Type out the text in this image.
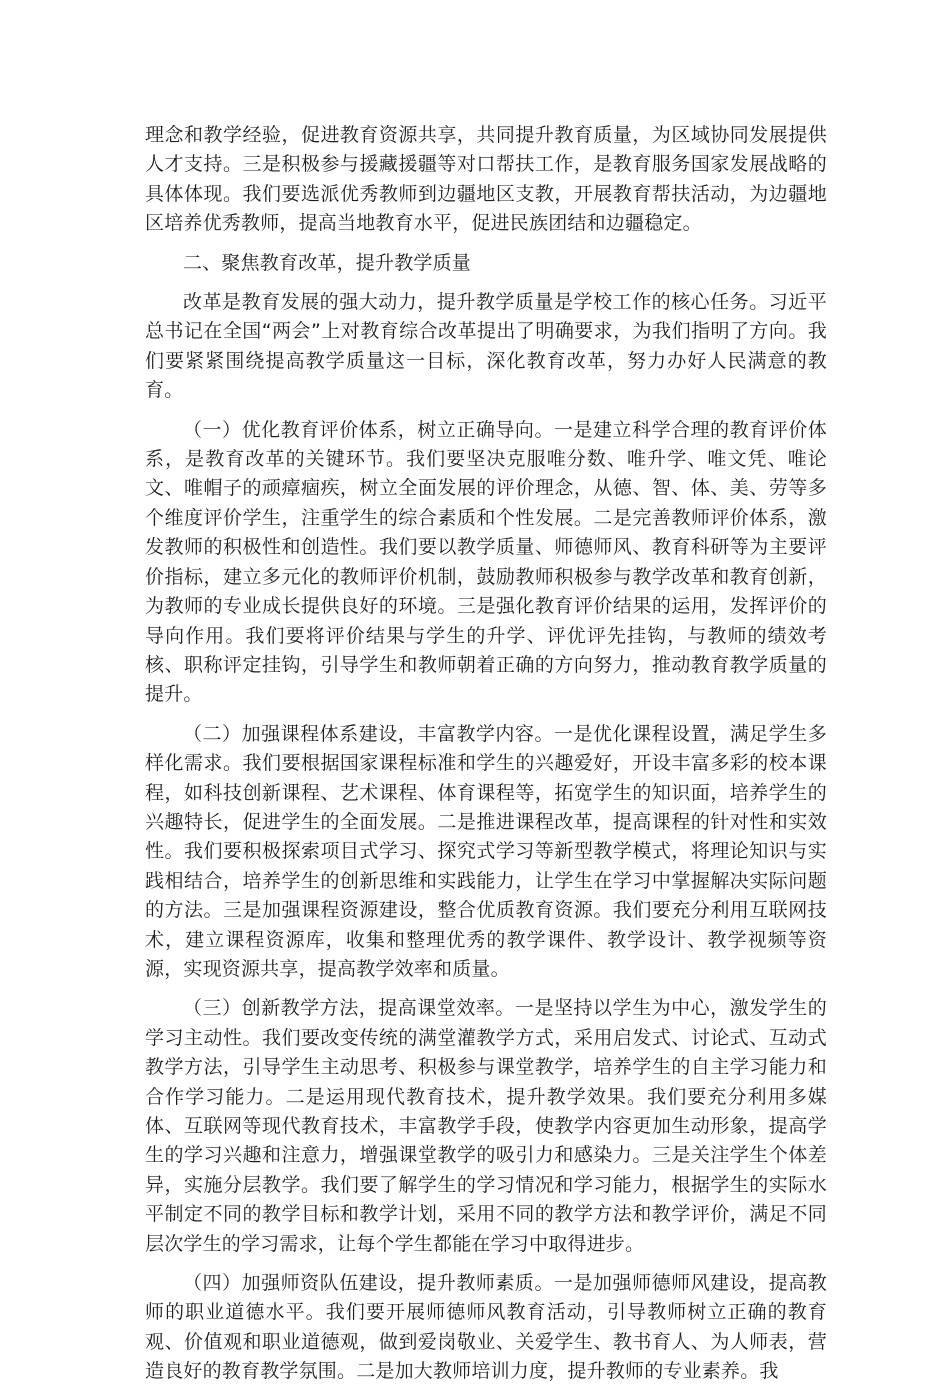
理念和教学经验，促进教育资源共享，共同提升教育质量，为区域协同发展提供人才支持。三是积极参与援藏援疆等对口帮扶工作，是教育服务国家发展战略的具体体现。我们要选派优秀教师到边疆地区支教，开展教育帮扶活动，为边疆地区培养优秀教师，提高当地教育水平，促进民族团结和边疆稳定。

二、聚焦教育改革，提升教学质量

改革是教育发展的强大动力，提升教学质量是学校工作的核心任务。习近平总书记在全国“两会”上对教育综合改革提出了明确要求，为我们指明了方向。我们要紧紧围绕提高教学质量这一目标，深化教育改革，努力办好人民满意的教育。

（一）优化教育评价体系，树立正确导向。一是建立科学合理的教育评价体系，是教育改革的关键环节。我们要坚决克服唯分数、唯升学、唯文凭、唯论文、唯帽子的顽瘴痼疾，树立全面发展的评价理念，从德、智、体、美、劳等多个维度评价学生，注重学生的综合素质和个性发展。二是完善教师评价体系，激发教师的积极性和创造性。我们要以教学质量、师德师风、教育科研等为主要评价指标，建立多元化的教师评价机制，鼓励教师积极参与教学改革和教育创新，为教师的专业成长提供良好的环境。三是强化教育评价结果的运用，发挥评价的导向作用。我们要将评价结果与学生的升学、评优评先挂钩，与教师的绩效考核、职称评定挂钩，引导学生和教师朝着正确的方向努力，推动教育教学质量的提升。

（二）加强课程体系建设，丰富教学内容。一是优化课程设置，满足学生多样化需求。我们要根据国家课程标准和学生的兴趣爱好，开设丰富多彩的校本课程，如科技创新课程、艺术课程、体育课程等，拓宽学生的知识面，培养学生的兴趣特长，促进学生的全面发展。二是推进课程改革，提高课程的针对性和实效性。我们要积极探索项目式学习、探究式学习等新型教学模式，将理论知识与实践相结合，培养学生的创新思维和实践能力，让学生在学习中掌握解决实际问题的方法。三是加强课程资源建设，整合优质教育资源。我们要充分利用互联网技术，建立课程资源库，收集和整理优秀的教学课件、教学设计、教学视频等资源，实现资源共享，提高教学效率和质量。

（三）创新教学方法，提高课堂效率。一是坚持以学生为中心，激发学生的学习主动性。我们要改变传统的满堂灌教学方式，采用启发式、讨论式、互动式教学方法，引导学生主动思考、积极参与课堂教学，培养学生的自主学习能力和合作学习能力。二是运用现代教育技术，提升教学效果。我们要充分利用多媒体、互联网等现代教育技术，丰富教学手段，使教学内容更加生动形象，提高学生的学习兴趣和注意力，增强课堂教学的吸引力和感染力。三是关注学生个体差异，实施分层教学。我们要了解学生的学习情况和学习能力，根据学生的实际水平制定不同的教学目标和教学计划，采用不同的教学方法和教学评价，满足不同层次学生的学习需求，让每个学生都能在学习中取得进步。

（四）加强师资队伍建设，提升教师素质。一是加强师德师风建设，提高教师的职业道德水平。我们要开展师德师风教育活动，引导教师树立正确的教育观、价值观和职业道德观，做到爱岗敬业、关爱学生、教书育人、为人师表，营造良好的教育教学氛围。二是加大教师培训力度，提升教师的专业素养。我
